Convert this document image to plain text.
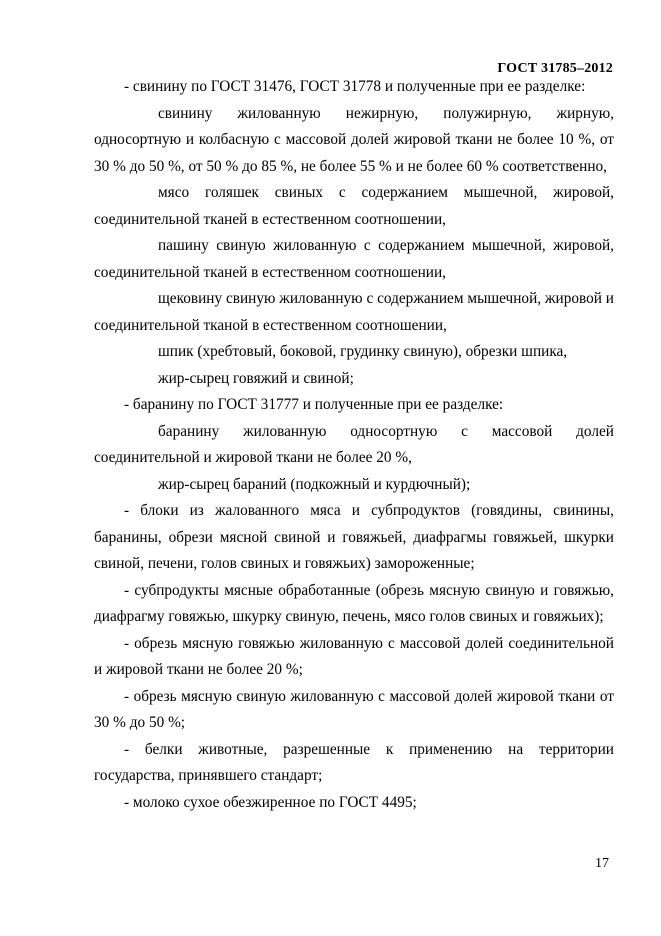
ГОСТ 31785–2012

- свинину по ГОСТ 31476, ГОСТ 31778 и полученные при ее разделке:

свинину жилованную нежирную, полужирную, жирную, односортную и колбасную с массовой долей жировой ткани не более 10 %, от 30 % до 50 %, от 50 % до 85 %, не более 55 % и не более 60 % соответственно,

мясо голяшек свиных с содержанием мышечной, жировой, соединительной тканей в естественном соотношении,

пашину свиную жилованную с содержанием мышечной, жировой, соединительной тканей в естественном соотношении,

щековину свиную жилованную с содержанием мышечной, жировой и соединительной тканой в естественном соотношении,

шпик (хребтовый, боковой, грудинку свиную), обрезки шпика,

жир-сырец говяжий и свиной;

- баранину по ГОСТ 31777 и полученные при ее разделке:

баранину жилованную односортную с массовой долей соединительной и жировой ткани не более 20 %,

жир-сырец бараний (подкожный и курдючный);

- блоки из жалованного мяса и субпродуктов (говядины, свинины, баранины, обрези мясной свиной и говяжьей, диафрагмы говяжьей, шкурки свиной, печени, голов свиных и говяжьих) замороженные;

- субпродукты мясные обработанные (обрезь мясную свиную и говяжью, диафрагму говяжью, шкурку свиную, печень, мясо голов свиных и говяжьих);

- обрезь мясную говяжью жилованную с массовой долей соединительной и жировой ткани не более 20 %;

- обрезь мясную свиную жилованную с массовой долей жировой ткани от 30 % до 50 %;

- белки животные, разрешенные к применению на территории государства, принявшего стандарт;

- молоко сухое обезжиренное по ГОСТ 4495;

17
